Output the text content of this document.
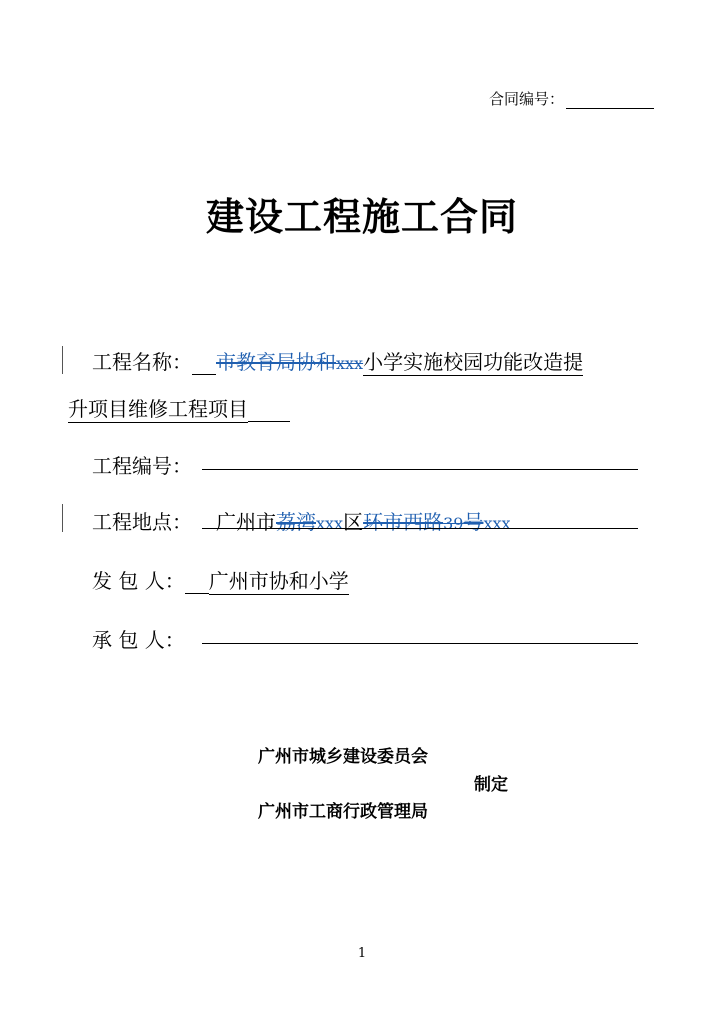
合同编号：
建设工程施工合同
工程名称： 市教育局协和xxx小学实施校园功能改造提
升项目维修工程项目
工程编号：
工程地点： 广州市荔湾xxx区环市西路39号xxx
发 包 人： 广州市协和小学
承 包 人：
广州市城乡建设委员会
制定
广州市工商行政管理局
1
